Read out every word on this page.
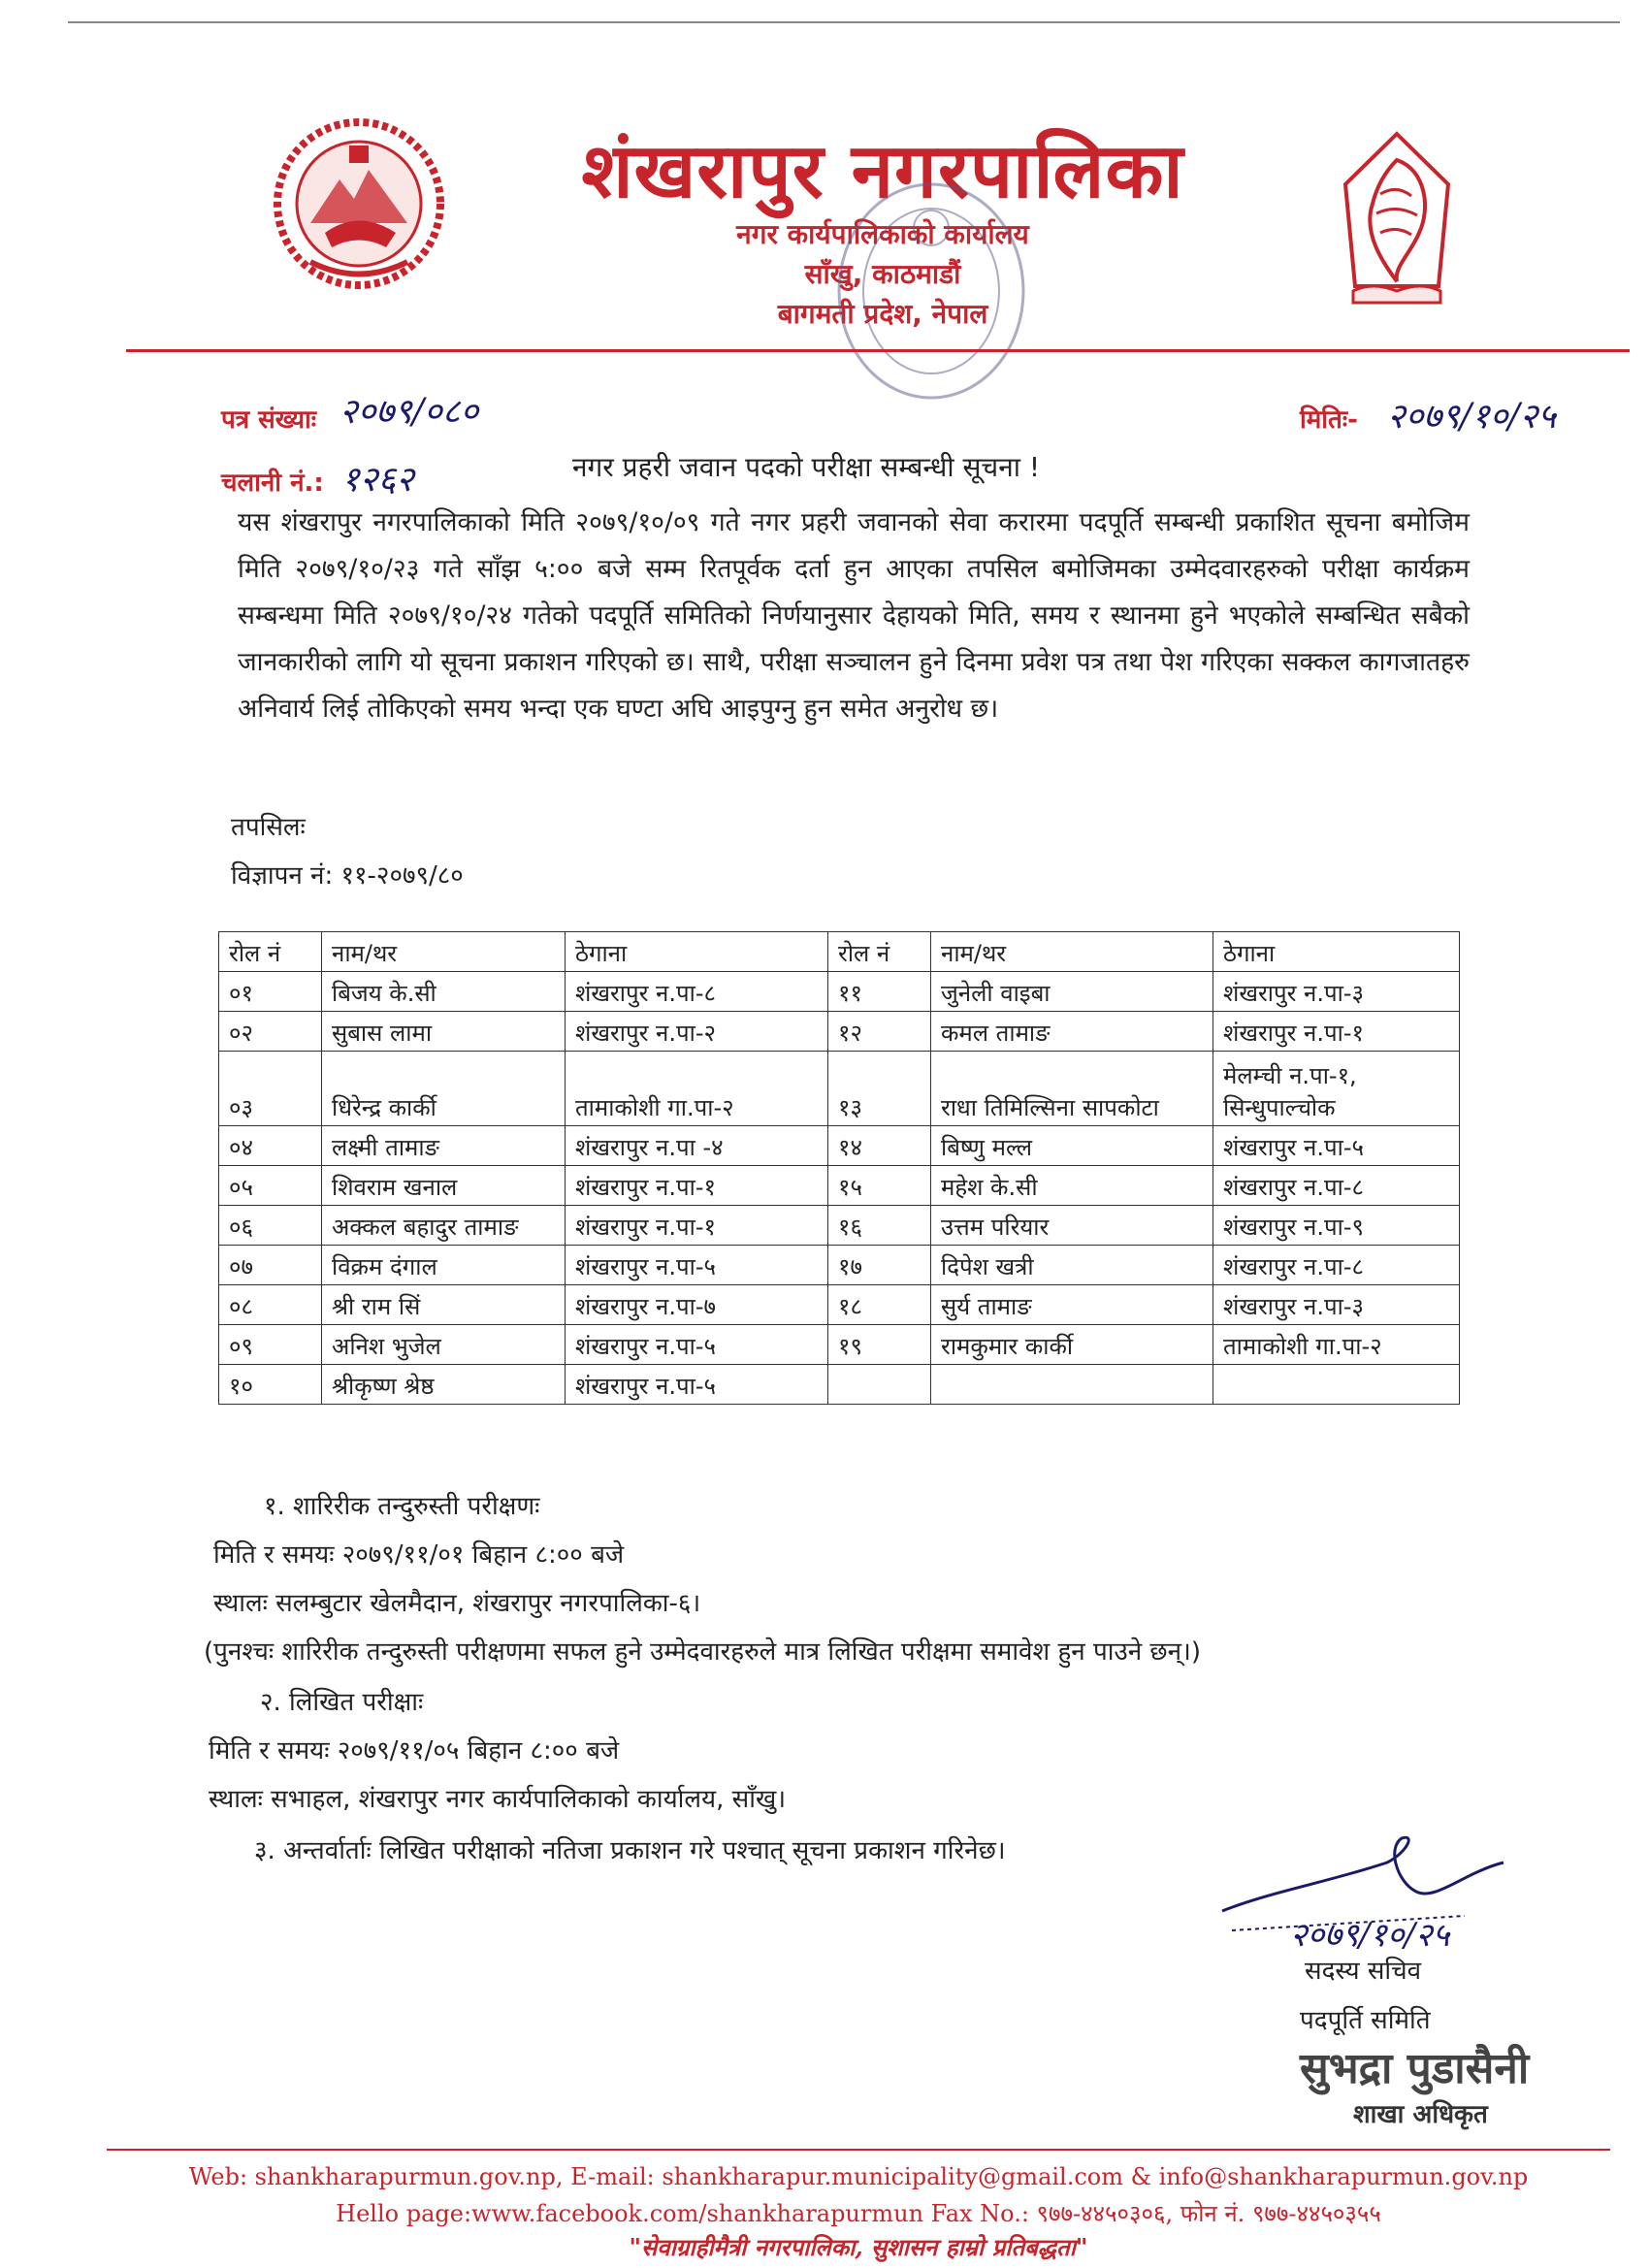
शंखरापुर नगरपालिका
नगर कार्यपालिकाको कार्यालय
साँखु, काठमाडौं
बागमती प्रदेश, नेपाल
पत्र संख्याः २०७९/०८०	मितिः- २०७९/१०/२५
नगर प्रहरी जवान पदको परीक्षा सम्बन्धी सूचना !
चलानी नं.: १२६२
यस शंखरापुर नगरपालिकाको मिति २०७९/१०/०९ गते नगर प्रहरी जवानको सेवा करारमा पदपूर्ति सम्बन्धी प्रकाशित सूचना बमोजिम मिति २०७९/१०/२३ गते साँझ ५:०० बजे सम्म रितपूर्वक दर्ता हुन आएका तपसिल बमोजिमका उम्मेदवारहरुको परीक्षा कार्यक्रम सम्बन्धमा मिति २०७९/१०/२४ गतेको पदपूर्ति समितिको निर्णयानुसार देहायको मिति, समय र स्थानमा हुने भएकोले सम्बन्धित सबैको जानकारीको लागि यो सूचना प्रकाशन गरिएको छ। साथै, परीक्षा सञ्चालन हुने दिनमा प्रवेश पत्र तथा पेश गरिएका सक्कल कागजातहरु अनिवार्य लिई तोकिएको समय भन्दा एक घण्टा अघि आइपुग्नु हुन समेत अनुरोध छ।
तपसिलः
विज्ञापन नं: ११-२०७९/८०
रोल नं	नाम/थर	ठेगाना	रोल नं	नाम/थर	ठेगाना
०१	बिजय के.सी	शंखरापुर न.पा-८	११	जुनेली वाइबा	शंखरापुर न.पा-३
०२	सुबास लामा	शंखरापुर न.पा-२	१२	कमल तामाङ	शंखरापुर न.पा-१
०३	धिरेन्द्र कार्की	तामाकोशी गा.पा-२	१३	राधा तिमिल्सिना सापकोटा	मेलम्ची न.पा-१, सिन्धुपाल्चोक
०४	लक्ष्मी तामाङ	शंखरापुर न.पा -४	१४	बिष्णु मल्ल	शंखरापुर न.पा-५
०५	शिवराम खनाल	शंखरापुर न.पा-१	१५	महेश के.सी	शंखरापुर न.पा-८
०६	अक्कल बहादुर तामाङ	शंखरापुर न.पा-१	१६	उत्तम परियार	शंखरापुर न.पा-९
०७	विक्रम दंगाल	शंखरापुर न.पा-५	१७	दिपेश खत्री	शंखरापुर न.पा-८
०८	श्री राम सिं	शंखरापुर न.पा-७	१८	सुर्य तामाङ	शंखरापुर न.पा-३
०९	अनिश भुजेल	शंखरापुर न.पा-५	१९	रामकुमार कार्की	तामाकोशी गा.पा-२
१०	श्रीकृष्ण श्रेष्ठ	शंखरापुर न.पा-५			
१. शारिरीक तन्दुरुस्ती परीक्षणः
मिति र समयः २०७९/११/०१ बिहान ८:०० बजे
स्थालः सलम्बुटार खेलमैदान, शंखरापुर नगरपालिका-६।
(पुनश्चः शारिरीक तन्दुरुस्ती परीक्षणमा सफल हुने उम्मेदवारहरुले मात्र लिखित परीक्षमा समावेश हुन पाउने छन्।)
२. लिखित परीक्षाः
मिति र समयः २०७९/११/०५ बिहान ८:०० बजे
स्थालः सभाहल, शंखरापुर नगर कार्यपालिकाको कार्यालय, साँखु।
३. अन्तर्वार्ताः लिखित परीक्षाको नतिजा प्रकाशन गरे पश्चात् सूचना प्रकाशन गरिनेछ।
२०७९/१०/२५
सदस्य सचिव
पदपूर्ति समिति
सुभद्रा पुडासैनी
शाखा अधिकृत
Web: shankharapurmun.gov.np, E-mail: shankharapur.municipality@gmail.com & info@shankharapurmun.gov.np
Hello page:www.facebook.com/shankharapurmun Fax No.: ९७७-४४५०३०६, फोन नं. ९७७-४४५०३५५
"सेवाग्राहीमैत्री नगरपालिका, सुशासन हाम्रो प्रतिबद्धता"
